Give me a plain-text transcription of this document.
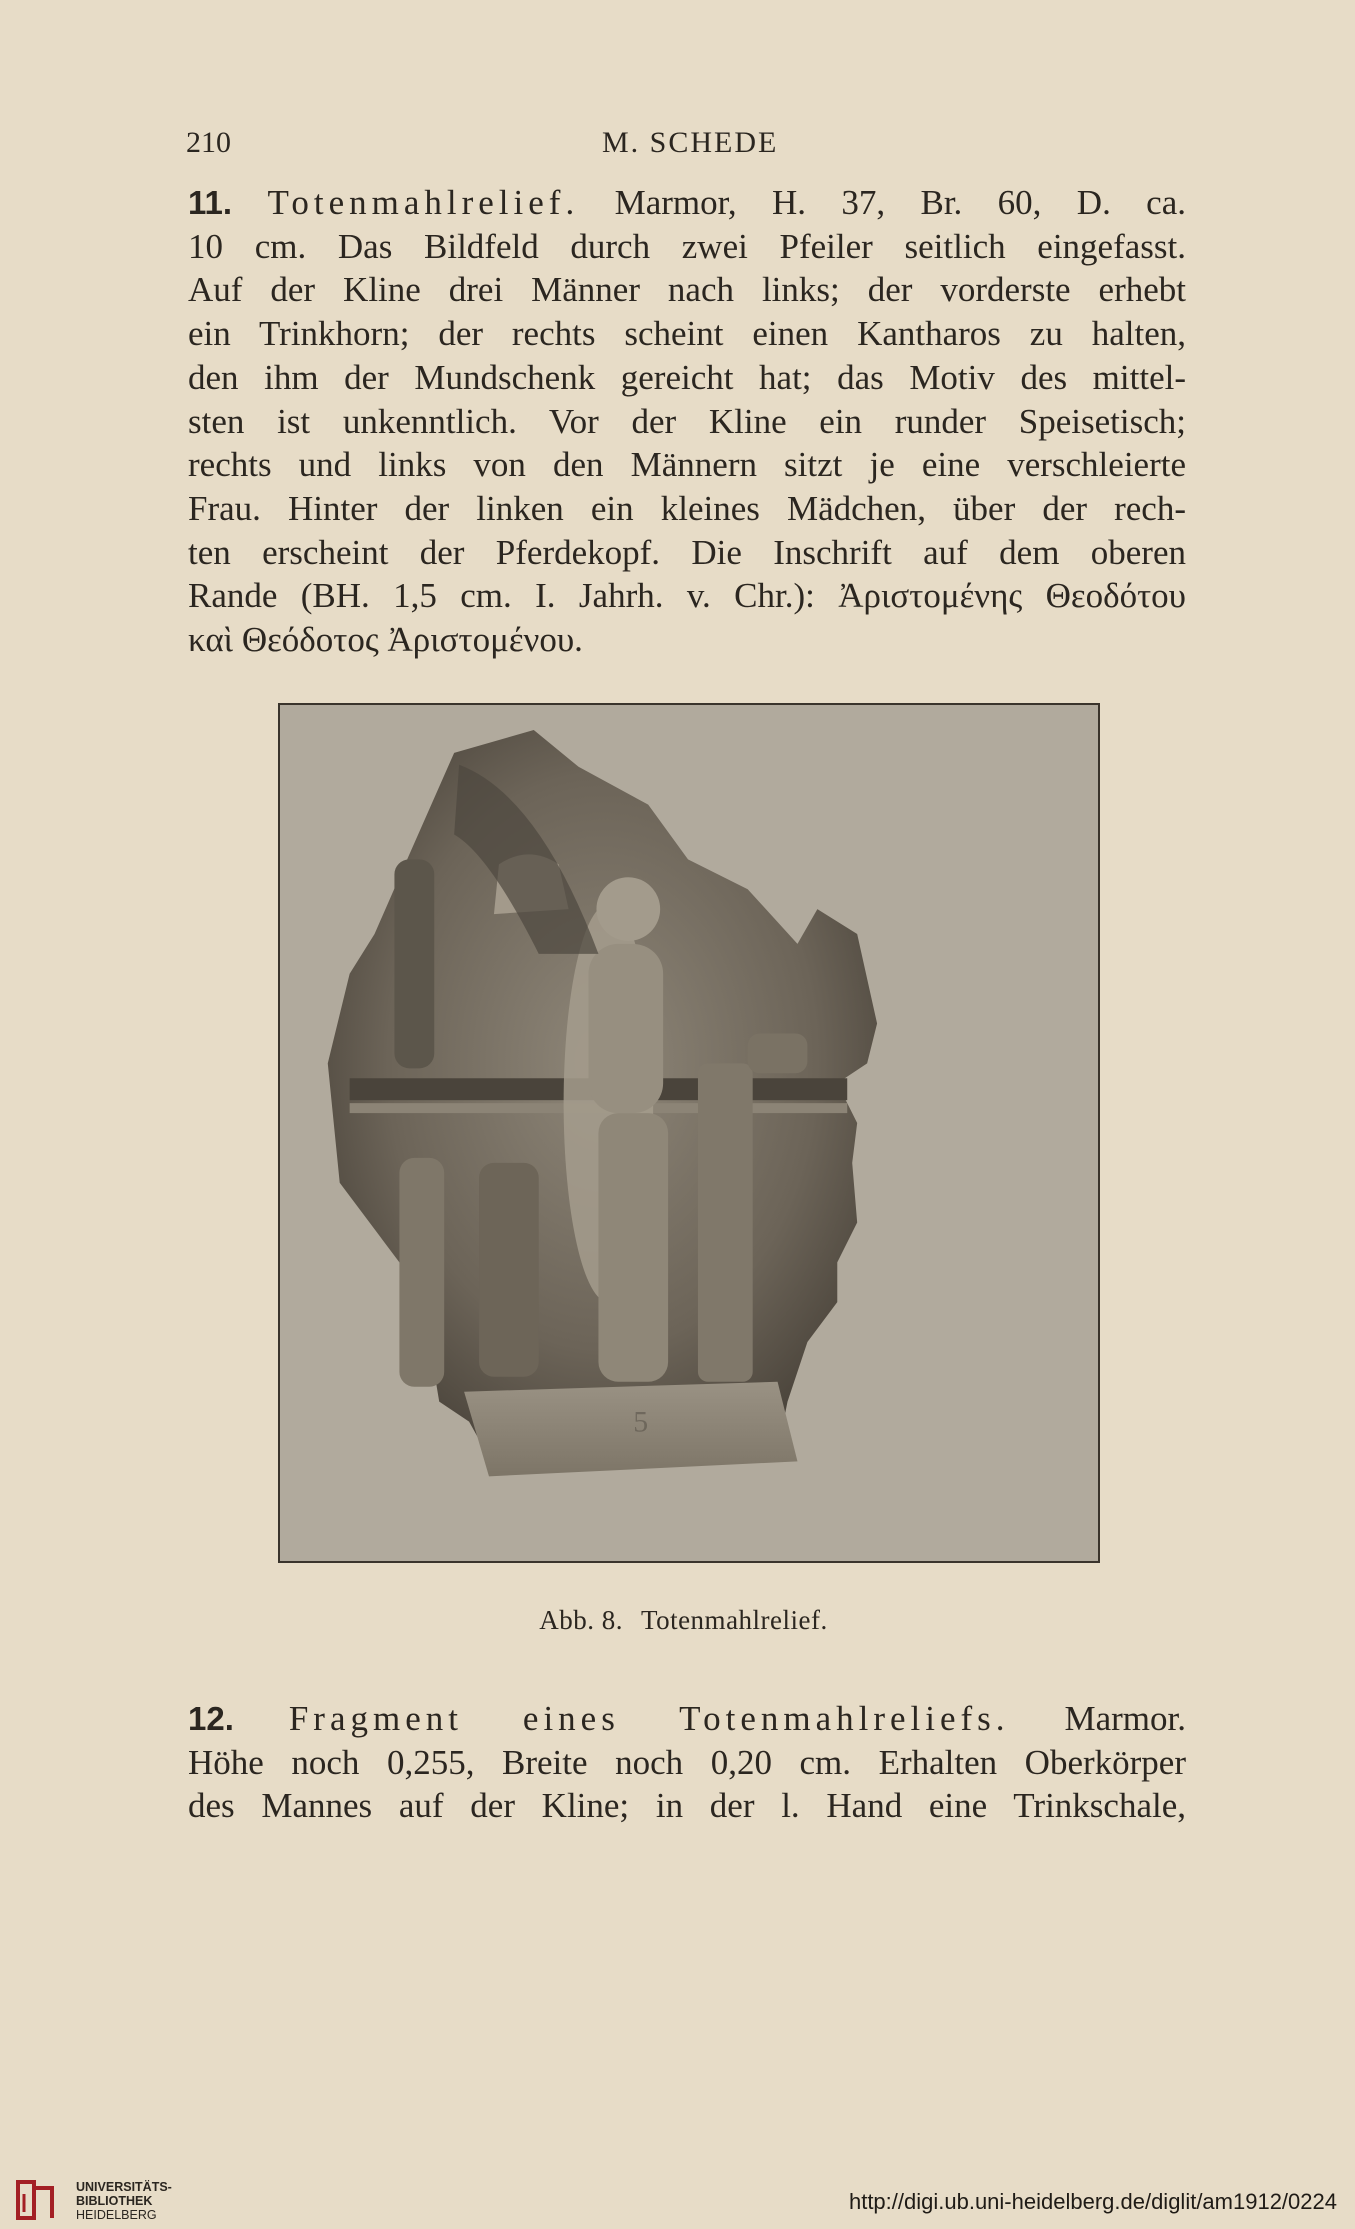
210	M. SCHEDE
11. Totenmahlrelief. Marmor, H. 37, Br. 60, D. ca.
10 cm. Das Bildfeld durch zwei Pfeiler seitlich eingefasst.
Auf der Kline drei Männer nach links; der vorderste erhebt
ein Trinkhorn; der rechts scheint einen Kantharos zu halten,
den ihm der Mundschenk gereicht hat; das Motiv des mittel-
sten ist unkenntlich. Vor der Kline ein runder Speisetisch;
rechts und links von den Männern sitzt je eine verschleierte
Frau. Hinter der linken ein kleines Mädchen, über der rech-
ten erscheint der Pferdekopf. Die Inschrift auf dem oberen
Rande (BH. 1,5 cm. I. Jahrh. v. Chr.): Ἀριστομένης Θεοδότου
καὶ Θεόδοτος Ἀριστομένου.
5
Abb. 8. Totenmahlrelief.
12. Fragment eines Totenmahlreliefs. Marmor.
Höhe noch 0,255, Breite noch 0,20 cm. Erhalten Oberkörper
des Mannes auf der Kline; in der l. Hand eine Trinkschale,
UNIVERSITÄTS-
BIBLIOTHEK
HEIDELBERG
http://digi.ub.uni-heidelberg.de/diglit/am1912/0224
